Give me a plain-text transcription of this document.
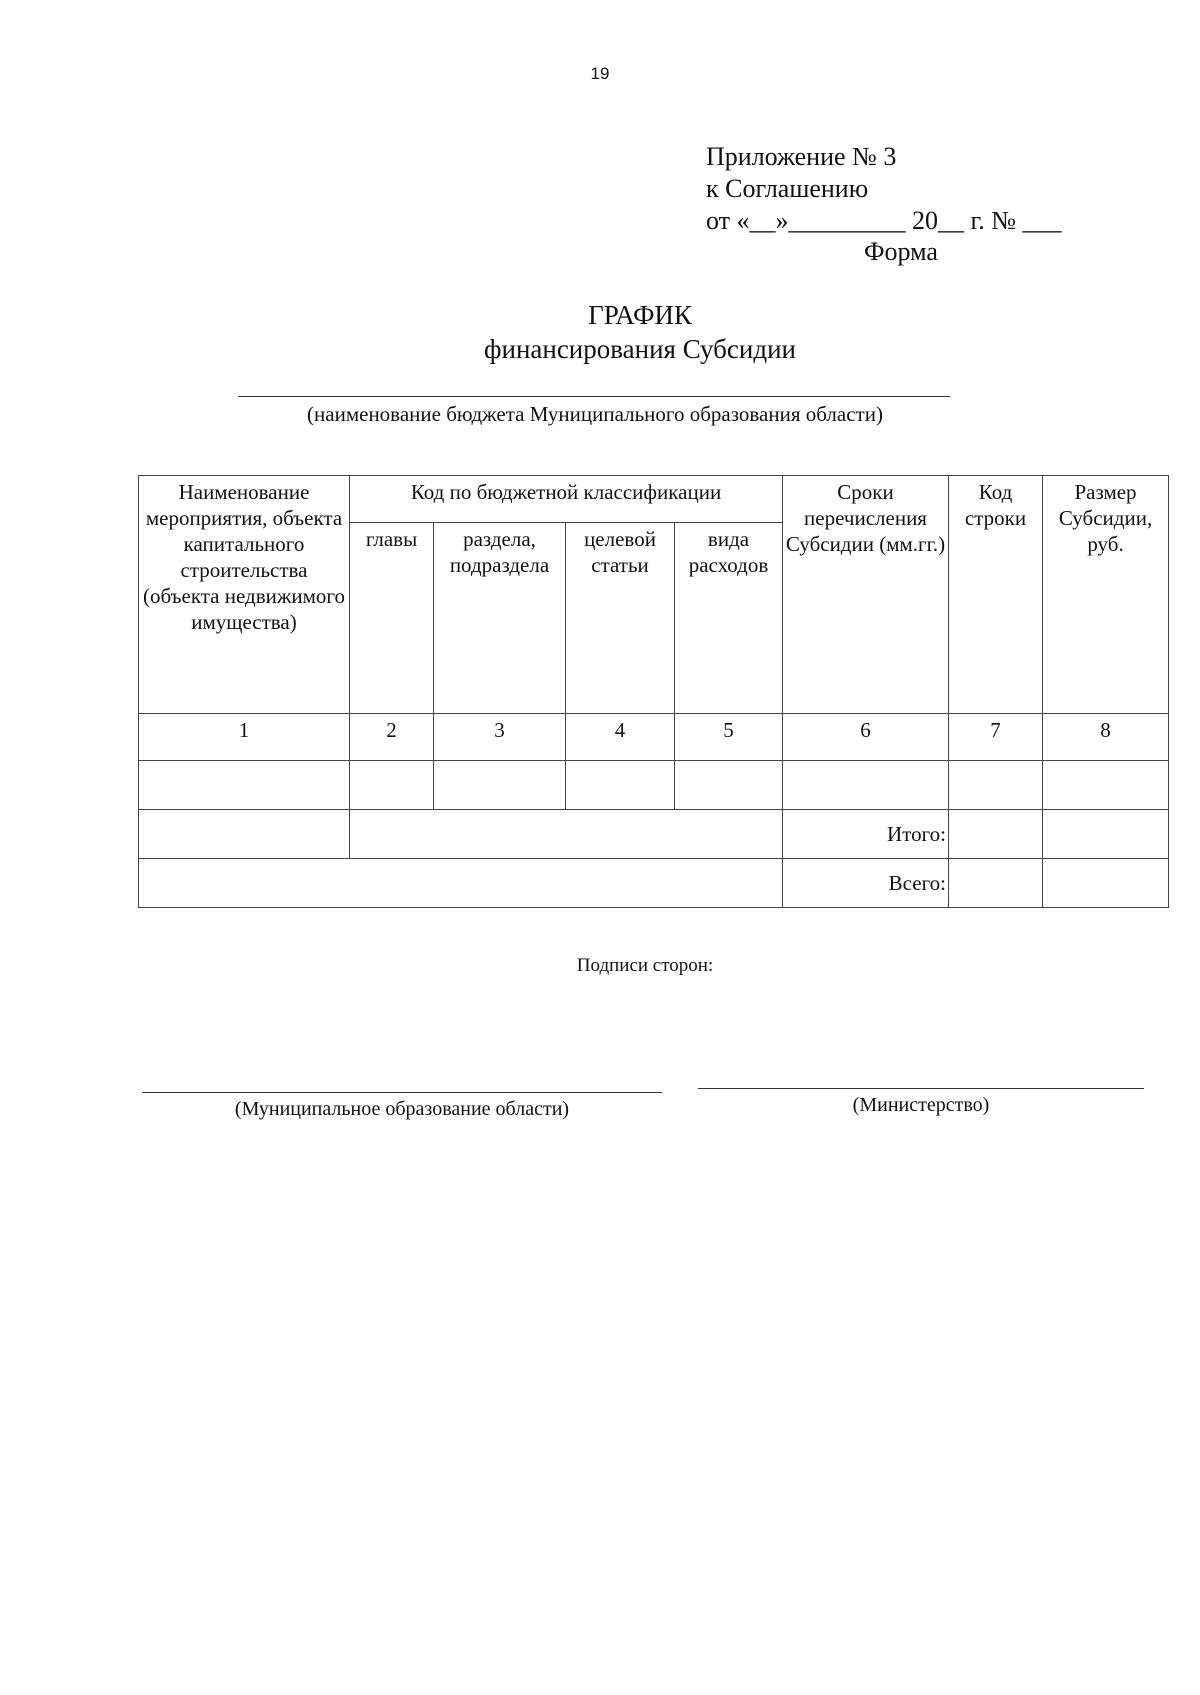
19
Приложение № 3
к Соглашению
от «__»_________ 20__ г. № ___
Форма
ГРАФИК
финансирования Субсидии
(наименование бюджета Муниципального образования области)
Наименование мероприятия, объекта капитального строительства (объекта недвижимого имущества)	Код по бюджетной классификации				Сроки перечисления Субсидии (мм.гг.)	Код строки	Размер Субсидии, руб.
	главы	раздела, подраздела	целевой статьи	вида расходов			
1	2	3	4	5	6	7	8

					Итого:		
					Всего:		
Подписи сторон:
(Муниципальное образование области)	(Министерство)
